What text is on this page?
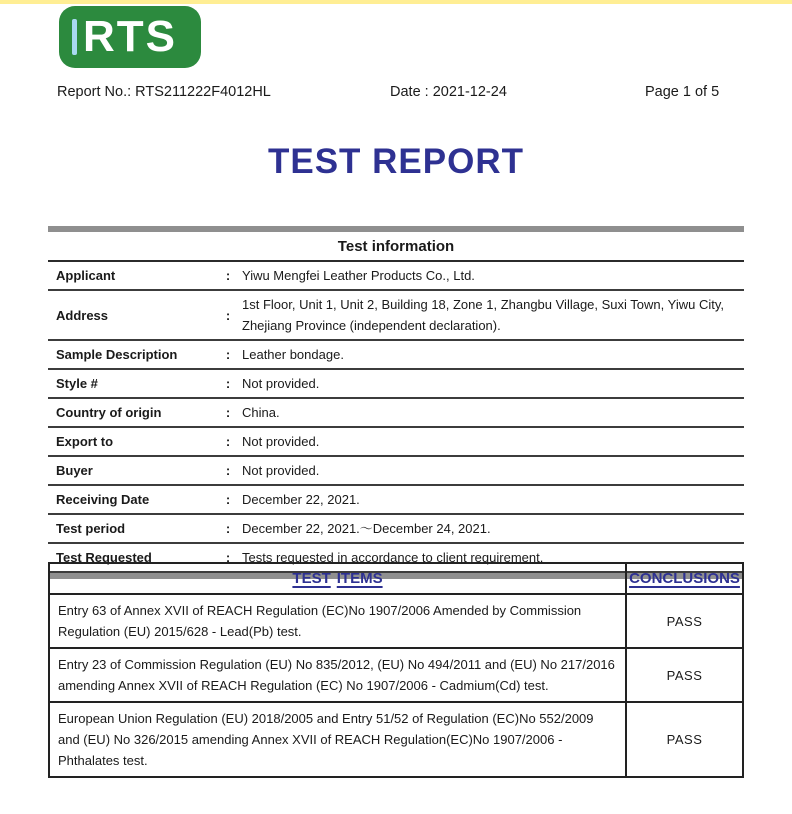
RTS
Report No.: RTS211222F4012HL	Date : 2021-12-24	Page 1 of 5
TEST REPORT
Test information
Applicant	: Yiwu Mengfei Leather Products Co., Ltd.
Address	:
1st Floor, Unit 1, Unit 2, Building 18, Zone 1, Zhangbu Village, Suxi Town, Yiwu City, Zhejiang Province (independent declaration).
Sample Description	: Leather bondage.
Style #	: Not provided.
Country of origin	: China.
Export to	: Not provided.
Buyer	: Not provided.
Receiving Date	: December 22, 2021.
Test period	: December 22, 2021.～December 24, 2021.
Test Requested	: Tests requested in accordance to client requirement.
TEST ITEMS	CONCLUSIONS
Entry 63 of Annex XVII of REACH Regulation (EC)No 1907/2006 Amended by Commission Regulation (EU) 2015/628 - Lead(Pb) test.
PASS
Entry 23 of Commission Regulation (EU) No 835/2012, (EU) No 494/2011 and (EU) No 217/2016 amending Annex XVII of REACH Regulation (EC) No 1907/2006 - Cadmium(Cd) test.
PASS
European Union Regulation (EU) 2018/2005 and Entry 51/52 of Regulation (EC)No 552/2009 and (EU) No 326/2015 amending Annex XVII of REACH Regulation(EC)No 1907/2006 - Phthalates test.
PASS
